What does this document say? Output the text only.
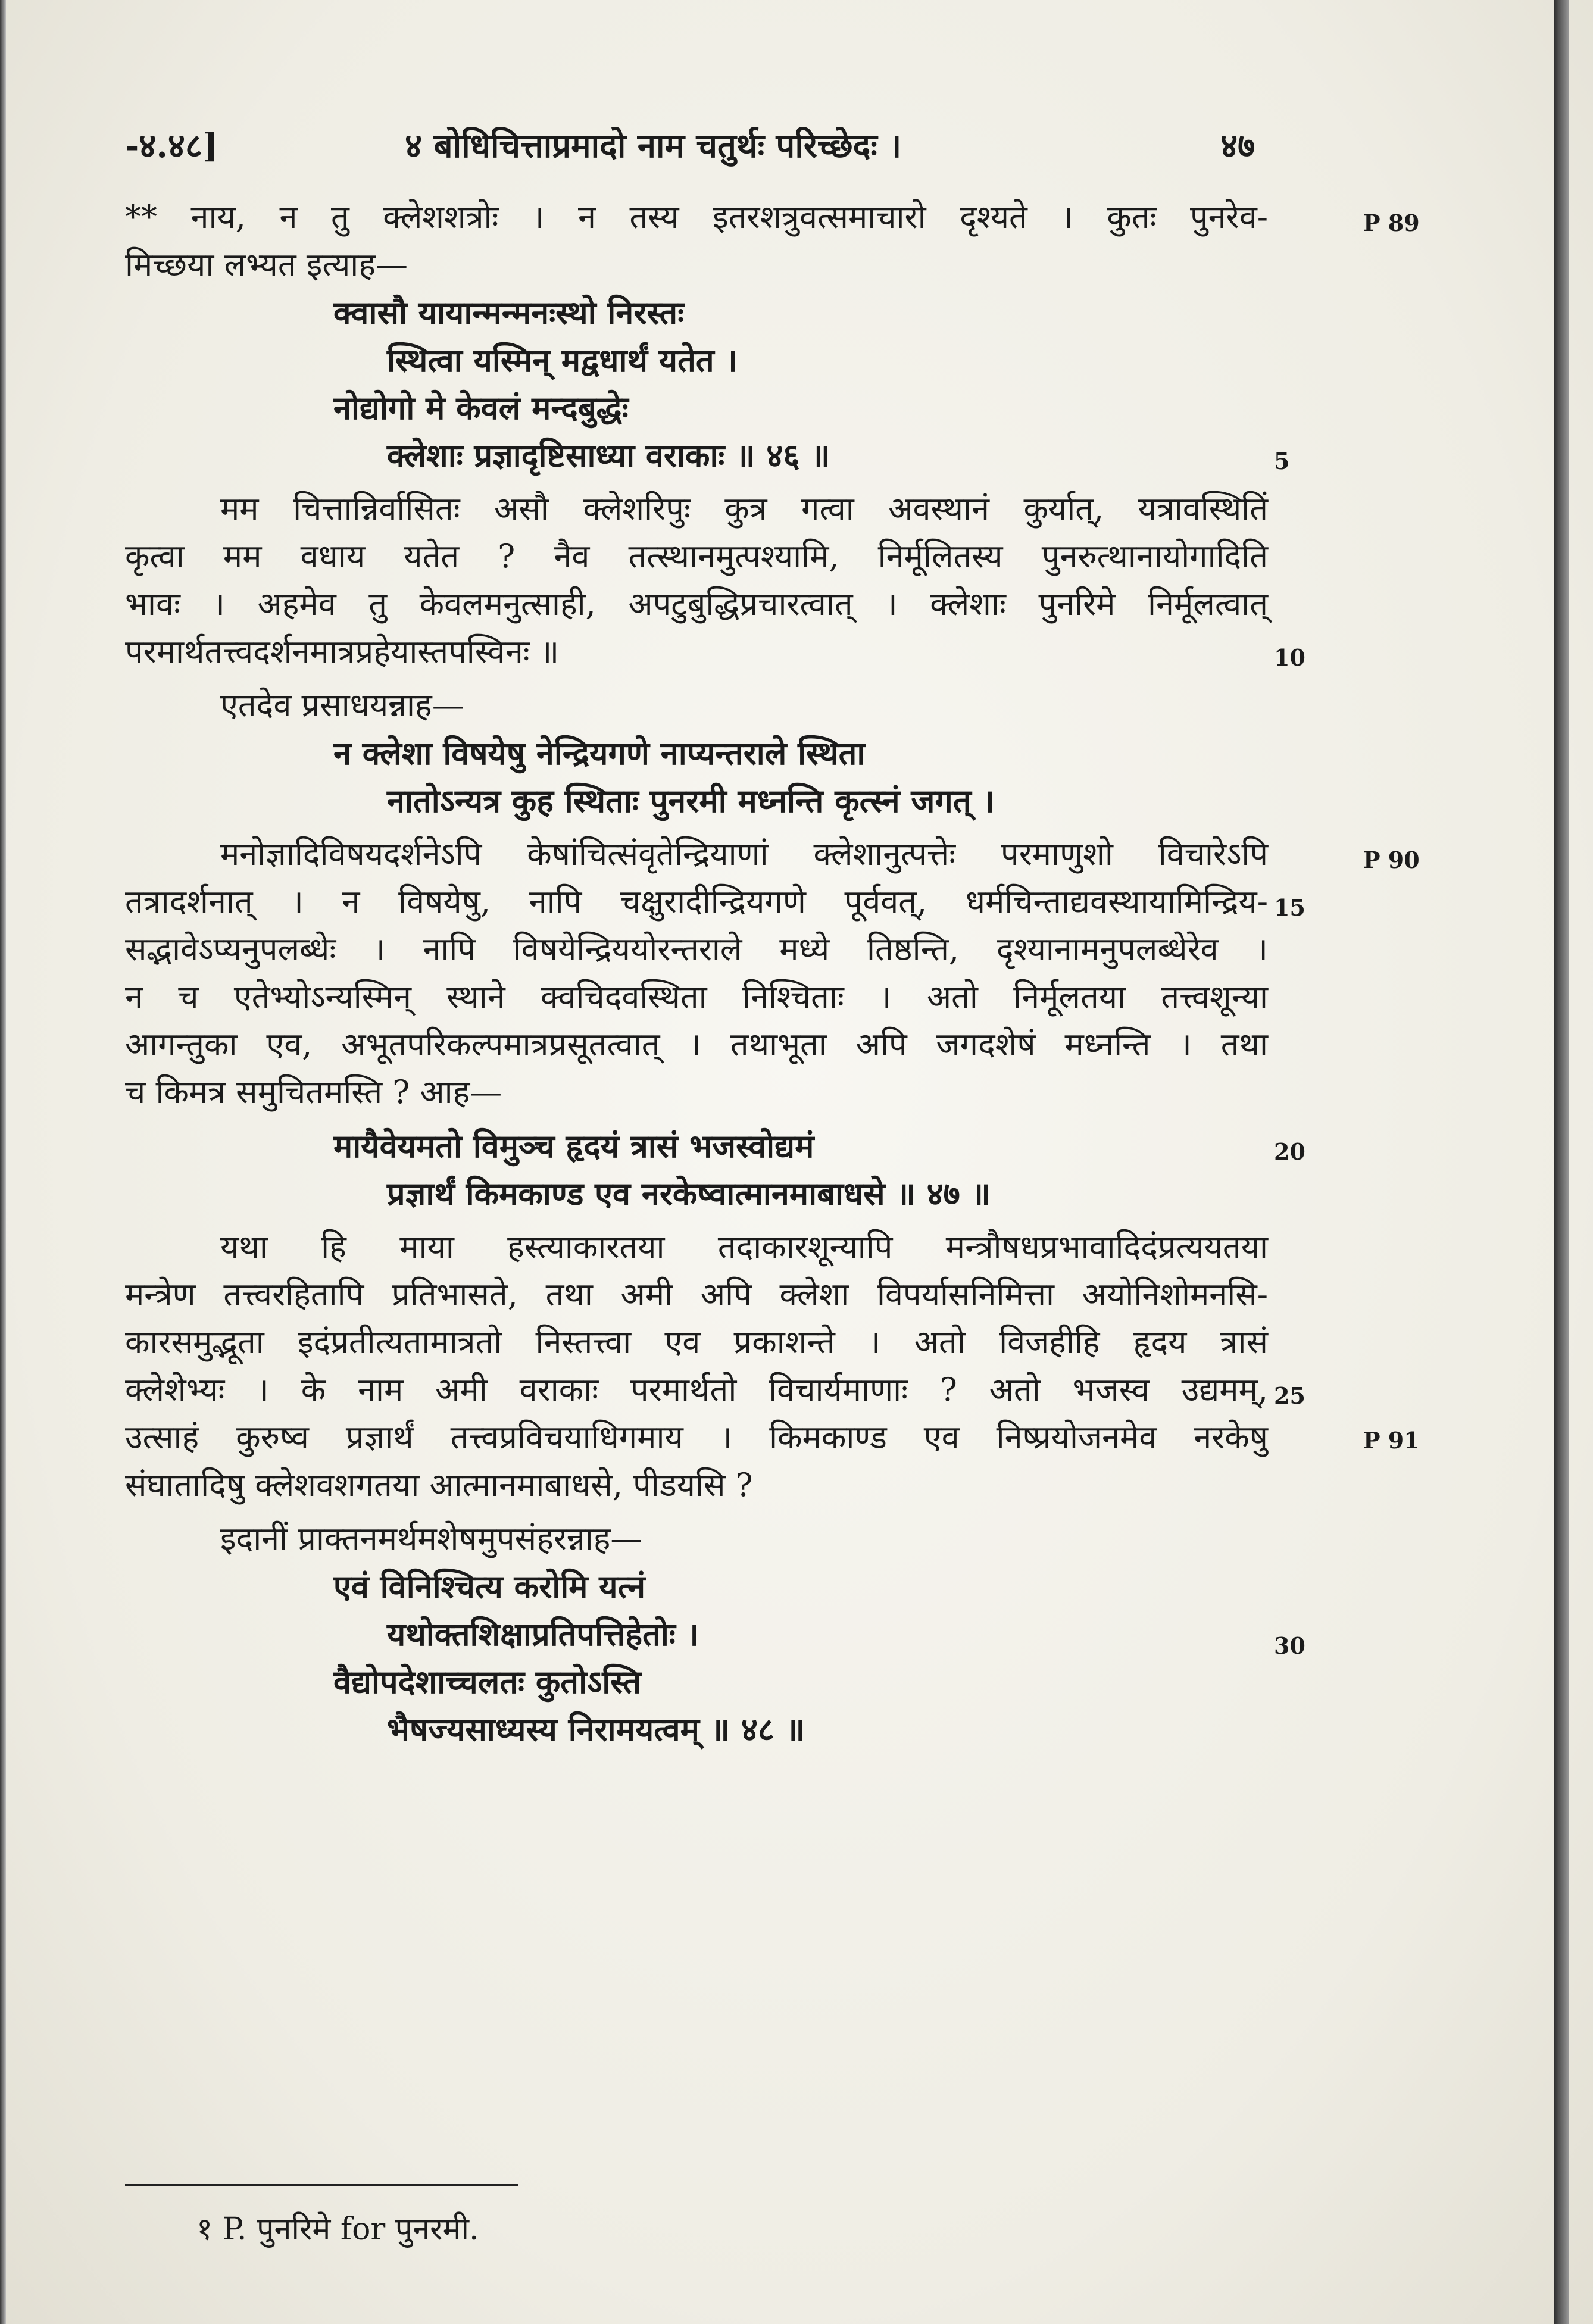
-४.४८]	४ बोधिचित्ताप्रमादो नाम चतुर्थः परिच्छेदः ।	४७
** नाय, न तु क्लेशशत्रोः । न तस्य इतरशत्रुवत्समाचारो दृश्यते । कुतः पुनरेव-
मिच्छया लभ्यत इत्याह—
क्वासौ यायान्मन्मनःस्थो निरस्तः
स्थित्वा यस्मिन् मद्वधार्थं यतेत ।
नोद्योगो मे केवलं मन्दबुद्धेः
क्लेशाः प्रज्ञादृष्टिसाध्या वराकाः ॥ ४६ ॥
मम चित्तान्निर्वासितः असौ क्लेशरिपुः कुत्र गत्वा अवस्थानं कुर्यात्, यत्रावस्थितिं
कृत्वा मम वधाय यतेत ? नैव तत्स्थानमुत्पश्यामि, निर्मूलितस्य पुनरुत्थानायोगादिति
भावः । अहमेव तु केवलमनुत्साही, अपटुबुद्धिप्रचारत्वात् । क्लेशाः पुनरिमे निर्मूलत्वात्
परमार्थतत्त्वदर्शनमात्रप्रहेयास्तपस्विनः ॥
एतदेव प्रसाधयन्नाह—
न क्लेशा विषयेषु नेन्द्रियगणे नाप्यन्तराले स्थिता
नातोऽन्यत्र कुह स्थिताः पुनरमी मध्नन्ति कृत्स्नं जगत् ।
मनोज्ञादिविषयदर्शनेऽपि केषांचित्संवृतेन्द्रियाणां क्लेशानुत्पत्तेः परमाणुशो विचारेऽपि
तत्रादर्शनात् । न विषयेषु, नापि चक्षुरादीन्द्रियगणे पूर्ववत्, धर्मचिन्ताद्यवस्थायामिन्द्रिय-
सद्भावेऽप्यनुपलब्धेः । नापि विषयेन्द्रिययोरन्तराले मध्ये तिष्ठन्ति, दृश्यानामनुपलब्धेरेव ।
न च एतेभ्योऽन्यस्मिन् स्थाने क्वचिदवस्थिता निश्चिताः । अतो निर्मूलतया तत्त्वशून्या
आगन्तुका एव, अभूतपरिकल्पमात्रप्रसूतत्वात् । तथाभूता अपि जगदशेषं मध्नन्ति । तथा
च किमत्र समुचितमस्ति ? आह—
मायैवेयमतो विमुञ्च हृदयं त्रासं भजस्वोद्यमं
प्रज्ञार्थं किमकाण्ड एव नरकेष्वात्मानमाबाधसे ॥ ४७ ॥
यथा हि माया हस्त्याकारतया तदाकारशून्यापि मन्त्रौषधप्रभावादिदंप्रत्ययतया
मन्त्रेण तत्त्वरहितापि प्रतिभासते, तथा अमी अपि क्लेशा विपर्यासनिमित्ता अयोनिशोमनसि-
कारसमुद्भूता इदंप्रतीत्यतामात्रतो निस्तत्त्वा एव प्रकाशन्ते । अतो विजहीहि हृदय त्रासं
क्लेशेभ्यः । के नाम अमी वराकाः परमार्थतो विचार्यमाणाः ? अतो भजस्व उद्यमम्,
उत्साहं कुरुष्व प्रज्ञार्थं तत्त्वप्रविचयाधिगमाय । किमकाण्ड एव निष्प्रयोजनमेव नरकेषु
संघातादिषु क्लेशवशगतया आत्मानमाबाधसे, पीडयसि ?
इदानीं प्राक्तनमर्थमशेषमुपसंहरन्नाह—
एवं विनिश्चित्य करोमि यत्नं
यथोक्तशिक्षाप्रतिपत्तिहेतोः ।
वैद्योपदेशाच्चलतः कुतोऽस्ति
भैषज्यसाध्यस्य निरामयत्वम् ॥ ४८ ॥
5
10
15
20
25
30
P 89
P 90
P 91
१ P. पुनरिमे for पुनरमी.
